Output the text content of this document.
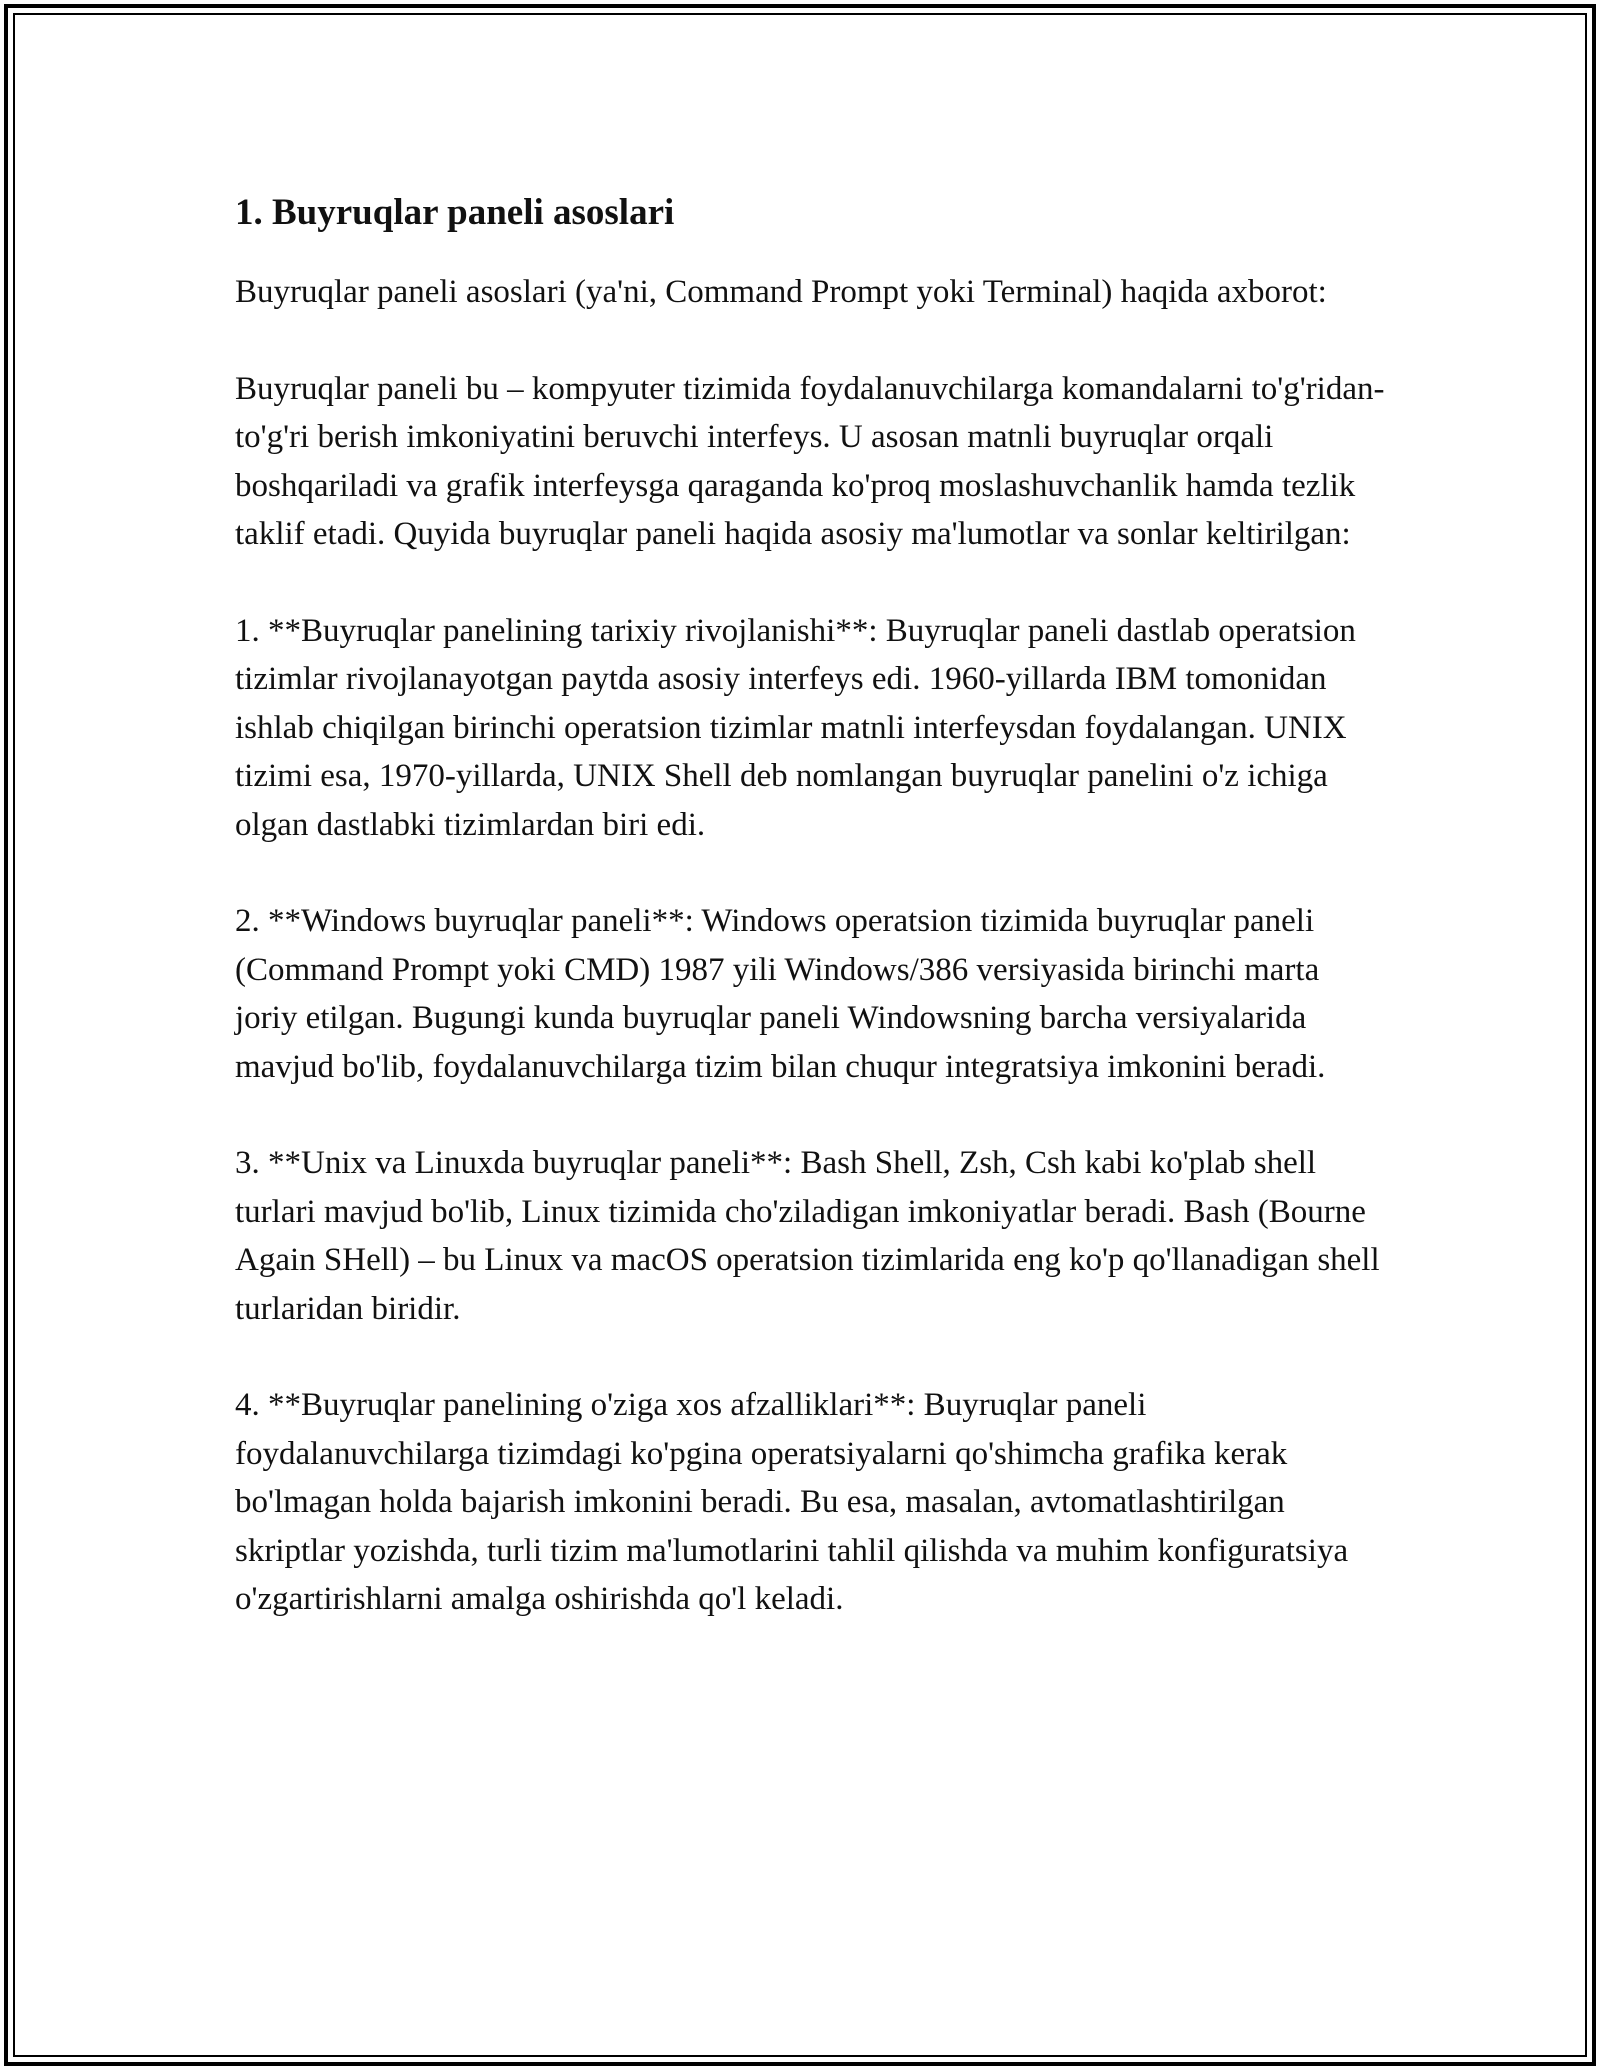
1. Buyruqlar paneli asoslari

Buyruqlar paneli asoslari (ya'ni, Command Prompt yoki Terminal) haqida axborot:

Buyruqlar paneli bu – kompyuter tizimida foydalanuvchilarga komandalarni to'g'ridan-to'g'ri berish imkoniyatini beruvchi interfeys. U asosan matnli buyruqlar orqali boshqariladi va grafik interfeysga qaraganda ko'proq moslashuvchanlik hamda tezlik taklif etadi. Quyida buyruqlar paneli haqida asosiy ma'lumotlar va sonlar keltirilgan:

1. **Buyruqlar panelining tarixiy rivojlanishi**: Buyruqlar paneli dastlab operatsion tizimlar rivojlanayotgan paytda asosiy interfeys edi. 1960-yillarda IBM tomonidan ishlab chiqilgan birinchi operatsion tizimlar matnli interfeysdan foydalangan. UNIX tizimi esa, 1970-yillarda, UNIX Shell deb nomlangan buyruqlar panelini o'z ichiga olgan dastlabki tizimlardan biri edi.

2. **Windows buyruqlar paneli**: Windows operatsion tizimida buyruqlar paneli (Command Prompt yoki CMD) 1987 yili Windows/386 versiyasida birinchi marta joriy etilgan. Bugungi kunda buyruqlar paneli Windowsning barcha versiyalarida mavjud bo'lib, foydalanuvchilarga tizim bilan chuqur integratsiya imkonini beradi.

3. **Unix va Linuxda buyruqlar paneli**: Bash Shell, Zsh, Csh kabi ko'plab shell turlari mavjud bo'lib, Linux tizimida cho'ziladigan imkoniyatlar beradi. Bash (Bourne Again SHell) – bu Linux va macOS operatsion tizimlarida eng ko'p qo'llanadigan shell turlaridan biridir.

4. **Buyruqlar panelining o'ziga xos afzalliklari**: Buyruqlar paneli foydalanuvchilarga tizimdagi ko'pgina operatsiyalarni qo'shimcha grafika kerak bo'lmagan holda bajarish imkonini beradi. Bu esa, masalan, avtomatlashtirilgan skriptlar yozishda, turli tizim ma'lumotlarini tahlil qilishda va muhim konfiguratsiya o'zgartirishlarni amalga oshirishda qo'l keladi.
